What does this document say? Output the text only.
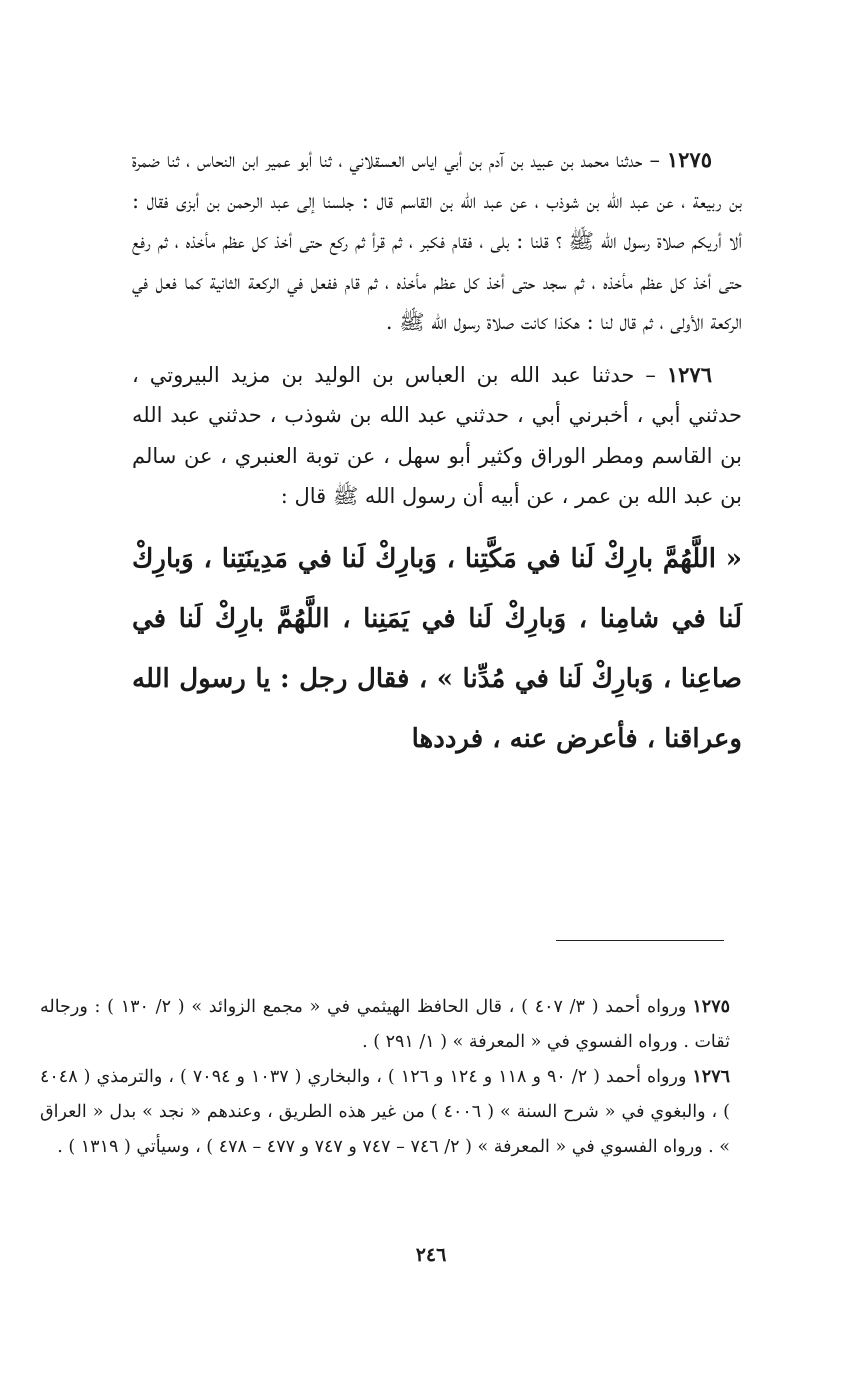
١٢٧٥ – حدثنا محمد بن عبيد بن آدم بن أبي اياس العسقلاني ، ثنا أبو عمير ابن النحاس ، ثنا ضمرة بن ربيعة ، عن عبد الله بن شوذب ، عن عبد الله بن القاسم قال : جلسنا إلى عبد الرحمن بن أبزى فقال : ألا أريكم صلاة رسول الله ﷺ ؟ قلنا : بلى ، فقام فكبر ، ثم قرأ ثم ركع حتى أخذ كل عظم مأخذه ، ثم رفع حتى أخذ كل عظم مأخذه ، ثم سجد حتى أخذ كل عظم مأخذه ، ثم قام ففعل في الركعة الثانية كما فعل في الركعة الأولى ، ثم قال لنا : هكذا كانت صلاة رسول الله ﷺ .

١٢٧٦ – حدثنا عبد الله بن العباس بن الوليد بن مزيد البيروتي ، حدثني أبي ، أخبرني أبي ، حدثني عبد الله بن شوذب ، حدثني عبد الله بن القاسم ومطر الوراق وكثير أبو سهل ، عن توبة العنبري ، عن سالم بن عبد الله بن عمر ، عن أبيه أن رسول الله ﷺ قال :

« اللَّهُمَّ بارِكْ لَنا في مَكَّتِنا ، وَبارِكْ لَنا في مَدِينَتِنا ، وَبارِكْ لَنا في شامِنا ، وَبارِكْ لَنا في يَمَنِنا ، اللَّهُمَّ بارِكْ لَنا في صاعِنا ، وَبارِكْ لَنا في مُدِّنا » ، فقال رجل : يا رسول الله وعراقنا ، فأعرض عنه ، فرددها

١٢٧٥ورواه أحمد ( ٣/ ٤٠٧ ) ، قال الحافظ الهيثمي في « مجمع الزوائد » ( ٢/ ١٣٠ ) : ورجاله ثقات . ورواه الفسوي في « المعرفة » ( ١/ ٢٩١ ) .

١٢٧٦ورواه أحمد ( ٢/ ٩٠ و ١١٨ و ١٢٤ و ١٢٦ ) ، والبخاري ( ١٠٣٧ و ٧٠٩٤ ) ، والترمذي ( ٤٠٤٨ ) ، والبغوي في « شرح السنة » ( ٤٠٠٦ ) من غير هذه الطريق ، وعندهم « نجد » بدل « العراق » . ورواه الفسوي في « المعرفة » ( ٢/ ٧٤٦ – ٧٤٧ و ٧٤٧ و ٤٧٧ – ٤٧٨ ) ، وسيأتي ( ١٣١٩ ) .

٢٤٦
